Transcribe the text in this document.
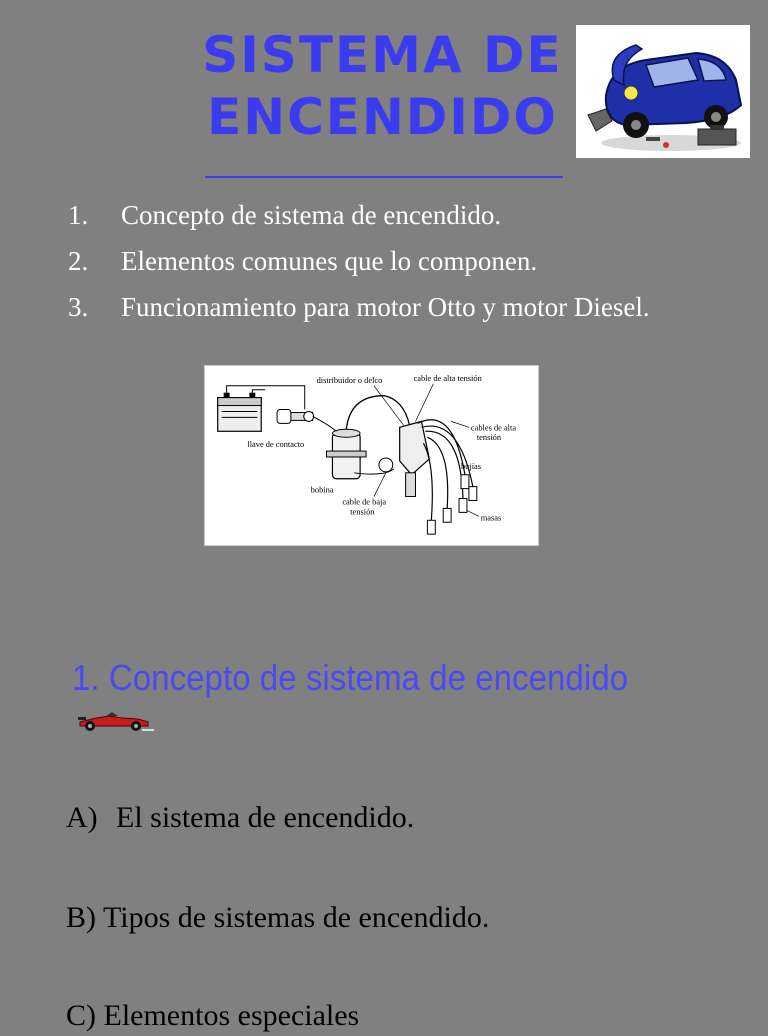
SISTEMA DE
ENCENDIDO
1.	Concepto de sistema de encendido.
2.	Elementos comunes que lo componen.
3.	Funcionamiento para motor Otto y motor Diesel.
llave de contacto
bobina
distribuidor o delco	cable de alta tensión
cable de baja
tensión
cables de alta
tensión
bujías
masas
1. Concepto de sistema de encendido
A) El sistema de encendido.
B) Tipos de sistemas de encendido.
C) Elementos especiales
